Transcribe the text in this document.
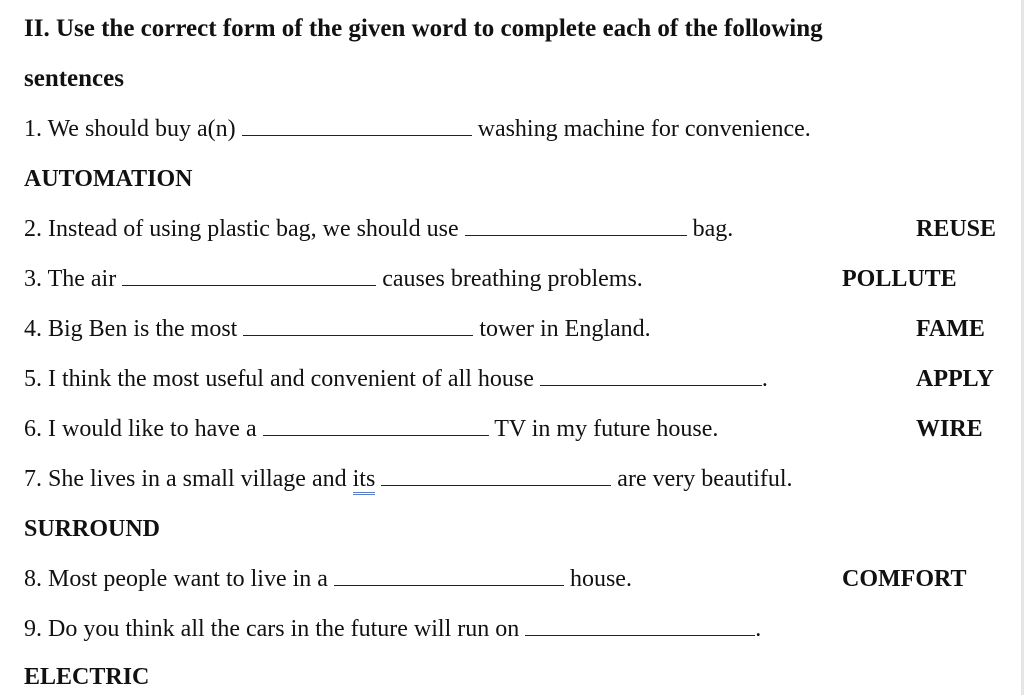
II. Use the correct form of the given word to complete each of the following
sentences
1. We should buy a(n)	washing machine for convenience.
AUTOMATION
2. Instead of using plastic bag, we should use	bag.	REUSE
3. The air	causes breathing problems.	POLLUTE
4. Big Ben is the most	tower in England.	FAME
5. I think the most useful and convenient of all house	.	APPLY
6. I would like to have a	TV in my future house.	WIRE
7. She lives in a small village and its	are very beautiful.
SURROUND
8. Most people want to live in a	house.	COMFORT
9. Do you think all the cars in the future will run on	.
ELECTRIC
